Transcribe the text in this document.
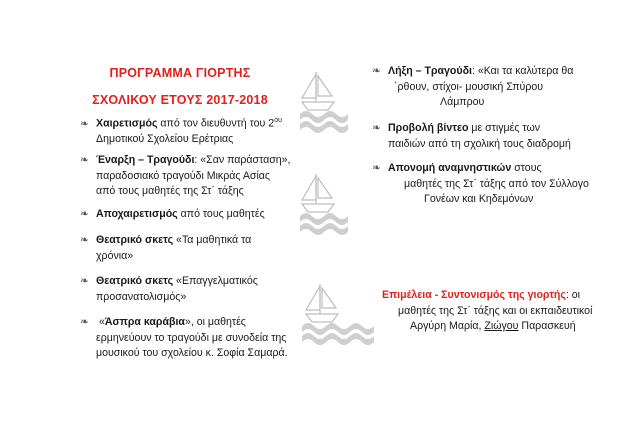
ΠΡΟΓΡΑΜΜΑ ΓΙΟΡΤΗΣ
ΣΧΟΛΙΚΟΥ ΕΤΟΥΣ 2017-2018
❧ Χαιρετισμός από τον διευθυντή του $2^{o\upsilon}$
Δημοτικού Σχολείου Ερέτριας
❧ Έναρξη – Τραγούδι: «Σαν παράσταση»,
παραδοσιακό τραγούδι Μικράς Ασίας
από τους μαθητές της Στ΄ τάξης
❧ Αποχαιρετισμός από τους μαθητές
❧ Θεατρικό σκετς «Τα μαθητικά τα
χρόνια»
❧ Θεατρικό σκετς «Επαγγελματικός
προσανατολισμός»
❧ «Άσπρα καράβια», οι μαθητές
ερμηνεύουν το τραγούδι με συνοδεία της
μουσικού του σχολείου κ. Σοφία Σαμαρά.
❧ Λήξη – Τραγούδι: «Και τα καλύτερα θα
΄ρθουν, στίχοι- μουσική Σπύρου
Λάμπρου
❧ Προβολή βίντεο με στιγμές των
παιδιών από τη σχολική τους διαδρομή
❧ Απονομή αναμνηστικών στους
μαθητές της Στ΄ τάξης από τον Σύλλογο
Γονέων και Κηδεμόνων
Επιμέλεια - Συντονισμός της γιορτής: οι
μαθητές της Στ΄ τάξης και οι εκπαιδευτικοί
Αργύρη Μαρία, Ζιώγου Παρασκευή
